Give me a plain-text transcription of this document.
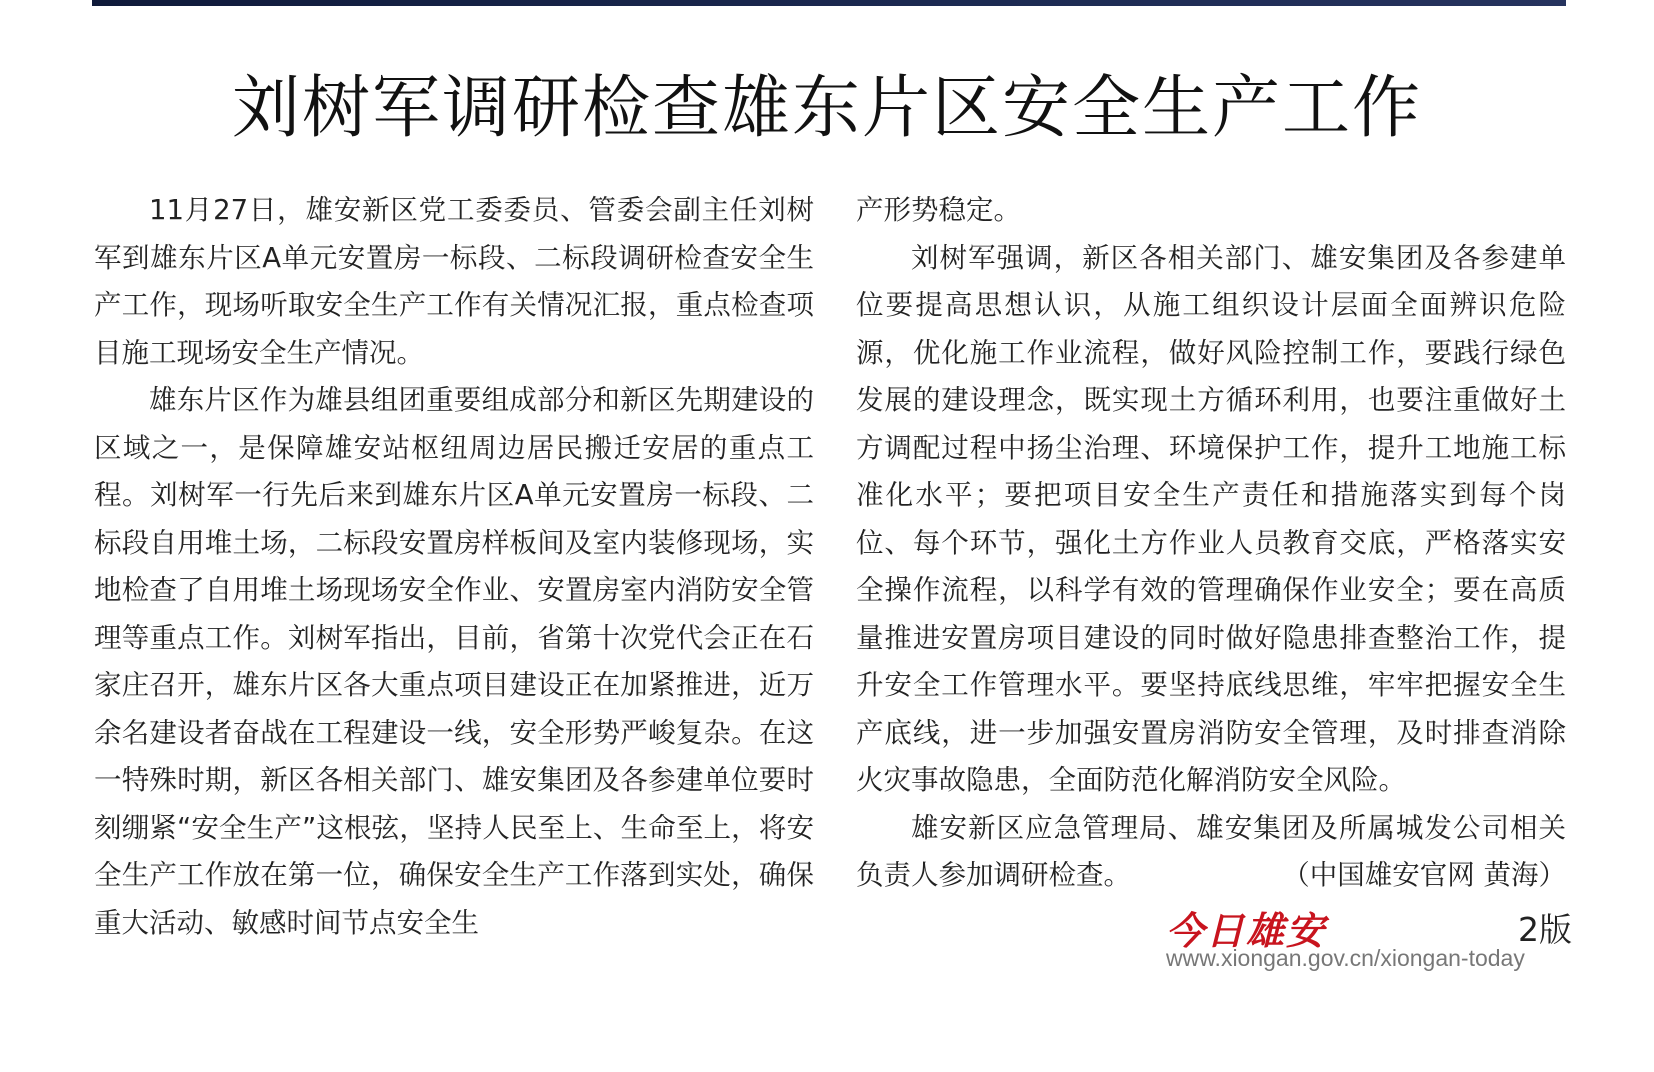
刘树军调研检查雄东片区安全生产工作

11月27日，雄安新区党工委委员、管委会副主任刘树军到雄东片区A单元安置房一标段、二标段调研检查安全生产工作，现场听取安全生产工作有关情况汇报，重点检查项目施工现场安全生产情况。

雄东片区作为雄县组团重要组成部分和新区先期建设的区域之一，是保障雄安站枢纽周边居民搬迁安居的重点工程。刘树军一行先后来到雄东片区A单元安置房一标段、二标段自用堆土场，二标段安置房样板间及室内装修现场，实地检查了自用堆土场现场安全作业、安置房室内消防安全管理等重点工作。刘树军指出，目前，省第十次党代会正在石家庄召开，雄东片区各大重点项目建设正在加紧推进，近万余名建设者奋战在工程建设一线，安全形势严峻复杂。在这一特殊时期，新区各相关部门、雄安集团及各参建单位要时刻绷紧“安全生产”这根弦，坚持人民至上、生命至上，将安全生产工作放在第一位，确保安全生产工作落到实处，确保重大活动、敏感时间节点安全生

产形势稳定。

刘树军强调，新区各相关部门、雄安集团及各参建单位要提高思想认识，从施工组织设计层面全面辨识危险源，优化施工作业流程，做好风险控制工作，要践行绿色发展的建设理念，既实现土方循环利用，也要注重做好土方调配过程中扬尘治理、环境保护工作，提升工地施工标准化水平；要把项目安全生产责任和措施落实到每个岗位、每个环节，强化土方作业人员教育交底，严格落实安全操作流程，以科学有效的管理确保作业安全；要在高质量推进安置房项目建设的同时做好隐患排查整治工作，提升安全工作管理水平。要坚持底线思维，牢牢把握安全生产底线，进一步加强安置房消防安全管理，及时排查消除火灾事故隐患，全面防范化解消防安全风险。

雄安新区应急管理局、雄安集团及所属城发公司相关负责人参加调研检查。	（中国雄安官网 黄海）

今日雄安	2版
www.xiongan.gov.cn/xiongan-today
